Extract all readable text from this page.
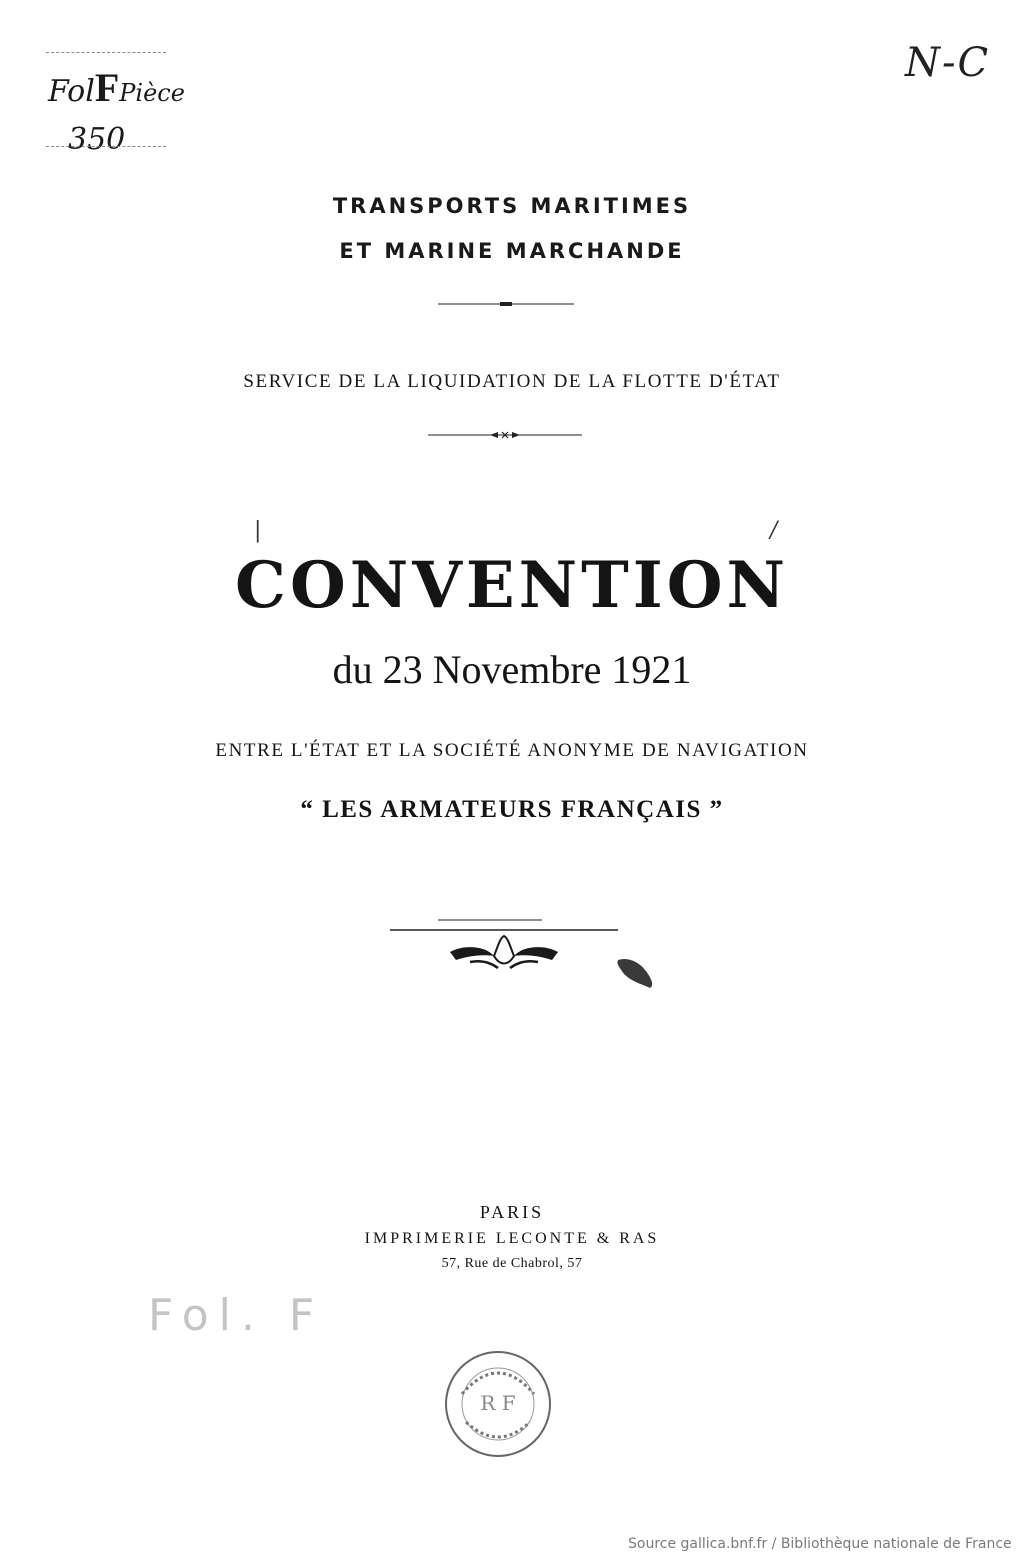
FolFPièce
350
N-C
TRANSPORTS MARITIMES
ET MARINE MARCHANDE
SERVICE DE LA LIQUIDATION DE LA FLOTTE D'ÉTAT
|	/
CONVENTION
du 23 Novembre 1921
ENTRE L'ÉTAT ET LA SOCIÉTÉ ANONYME DE NAVIGATION
“ LES ARMATEURS FRANÇAIS ”
PARIS
IMPRIMERIE LECONTE & RAS
57, Rue de Chabrol, 57
Fol. F
R F
Source gallica.bnf.fr / Bibliothèque nationale de France
